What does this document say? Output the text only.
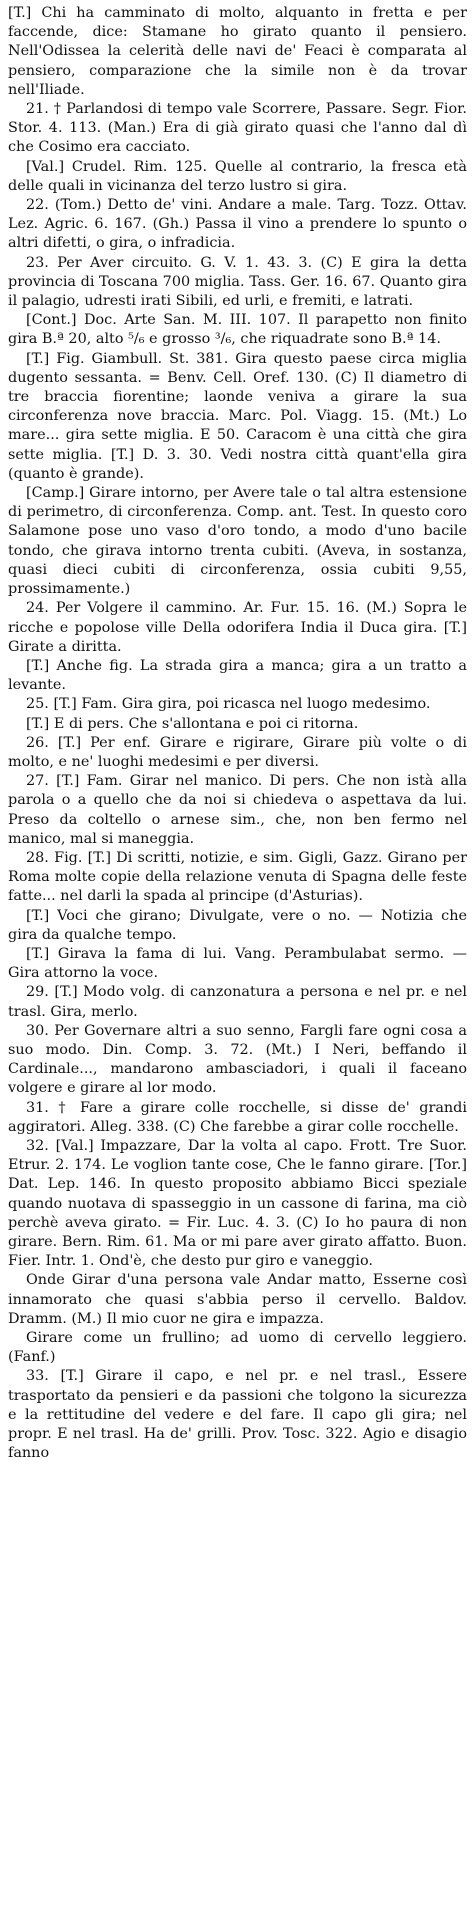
[T.] Chi ha camminato di molto, alquanto in fretta e per faccende, dice: Stamane ho girato quanto il pensiero. Nell'Odissea la celerità delle navi de' Feaci è comparata al pensiero, comparazione che la simile non è da trovar nell'Iliade.

21. † Parlandosi di tempo vale Scorrere, Passare. Segr. Fior. Stor. 4. 113. (Man.) Era di già girato quasi che l'anno dal dì che Cosimo era cacciato.

[Val.] Crudel. Rim. 125. Quelle al contrario, la fresca età delle quali in vicinanza del terzo lustro si gira.

22. (Tom.) Detto de' vini. Andare a male. Targ. Tozz. Ottav. Lez. Agric. 6. 167. (Gh.) Passa il vino a prendere lo spunto o altri difetti, o gira, o infradicia.

23. Per Aver circuito. G. V. 1. 43. 3. (C) E gira la detta provincia di Toscana 700 miglia. Tass. Ger. 16. 67. Quanto gira il palagio, udresti irati Sibili, ed urli, e fremiti, e latrati.

[Cont.] Doc. Arte San. M. III. 107. Il parapetto non finito gira B.ª 20, alto ⁵/₆ e grosso ³/₆, che riquadrate sono B.ª 14.

[T.] Fig. Giambull. St. 381. Gira questo paese circa miglia dugento sessanta. = Benv. Cell. Oref. 130. (C) Il diametro di tre braccia fiorentine; laonde veniva a girare la sua circonferenza nove braccia. Marc. Pol. Viagg. 15. (Mt.) Lo mare... gira sette miglia. E 50. Caracom è una città che gira sette miglia. [T.] D. 3. 30. Vedi nostra città quant'ella gira (quanto è grande).

[Camp.] Girare intorno, per Avere tale o tal altra estensione di perimetro, di circonferenza. Comp. ant. Test. In questo coro Salamone pose uno vaso d'oro tondo, a modo d'uno bacile tondo, che girava intorno trenta cubiti. (Aveva, in sostanza, quasi dieci cubiti di circonferenza, ossia cubiti 9,55, prossimamente.)

24. Per Volgere il cammino. Ar. Fur. 15. 16. (M.) Sopra le ricche e popolose ville Della odorifera India il Duca gira. [T.] Girate a diritta.

[T.] Anche fig. La strada gira a manca; gira a un tratto a levante.

25. [T.] Fam. Gira gira, poi ricasca nel luogo medesimo.

[T.] E di pers. Che s'allontana e poi ci ritorna.

26. [T.] Per enf. Girare e rigirare, Girare più volte o di molto, e ne' luoghi medesimi e per diversi.

27. [T.] Fam. Girar nel manico. Di pers. Che non istà alla parola o a quello che da noi si chiedeva o aspettava da lui. Preso da coltello o arnese sim., che, non ben fermo nel manico, mal si maneggia.

28. Fig. [T.] Di scritti, notizie, e sim. Gigli, Gazz. Girano per Roma molte copie della relazione venuta di Spagna delle feste fatte... nel darli la spada al principe (d'Asturias).

[T.] Voci che girano; Divulgate, vere o no. — Notizia che gira da qualche tempo.

[T.] Girava la fama di lui. Vang. Perambulabat sermo. — Gira attorno la voce.

29. [T.] Modo volg. di canzonatura a persona e nel pr. e nel trasl. Gira, merlo.

30. Per Governare altri a suo senno, Fargli fare ogni cosa a suo modo. Din. Comp. 3. 72. (Mt.) I Neri, beffando il Cardinale..., mandarono ambasciadori, i quali il faceano volgere e girare al lor modo.

31. † Fare a girare colle rocchelle, si disse de' grandi aggiratori. Alleg. 338. (C) Che farebbe a girar colle rocchelle.

32. [Val.] Impazzare, Dar la volta al capo. Frott. Tre Suor. Etrur. 2. 174. Le voglion tante cose, Che le fanno girare. [Tor.] Dat. Lep. 146. In questo proposito abbiamo Bicci speziale quando nuotava di spasseggio in un cassone di farina, ma ciò perchè aveva girato. = Fir. Luc. 4. 3. (C) Io ho paura di non girare. Bern. Rim. 61. Ma or mi pare aver girato affatto. Buon. Fier. Intr. 1. Ond'è, che desto pur giro e vaneggio.

Onde Girar d'una persona vale Andar matto, Esserne così innamorato che quasi s'abbia perso il cervello. Baldov. Dramm. (M.) Il mio cuor ne gira e impazza.

Girare come un frullino; ad uomo di cervello leggiero. (Fanf.)

33. [T.] Girare il capo, e nel pr. e nel trasl., Essere trasportato da pensieri e da passioni che tolgono la sicurezza e la rettitudine del vedere e del fare. Il capo gli gira; nel propr. E nel trasl. Ha de' grilli. Prov. Tosc. 322. Agio e disagio fanno
